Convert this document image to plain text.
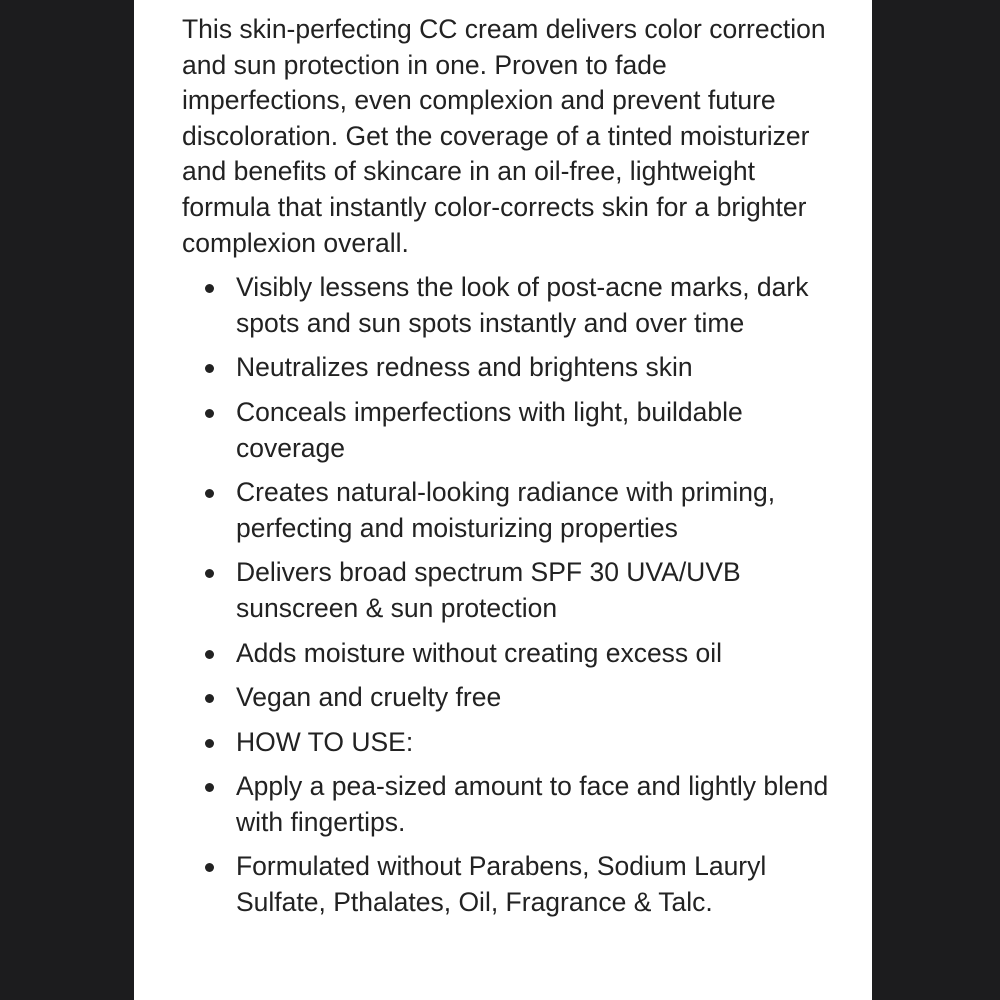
This skin-perfecting CC cream delivers color correction and sun protection in one. Proven to fade imperfections, even complexion and prevent future discoloration. Get the coverage of a tinted moisturizer and benefits of skincare in an oil-free, lightweight formula that instantly color-corrects skin for a brighter complexion overall.

Visibly lessens the look of post-acne marks, dark spots and sun spots instantly and over time
Neutralizes redness and brightens skin
Conceals imperfections with light, buildable coverage
Creates natural-looking radiance with priming, perfecting and moisturizing properties
Delivers broad spectrum SPF 30 UVA/UVB sunscreen & sun protection
Adds moisture without creating excess oil
Vegan and cruelty free
HOW TO USE:
Apply a pea-sized amount to face and lightly blend with fingertips.
Formulated without Parabens, Sodium Lauryl Sulfate, Pthalates, Oil, Fragrance & Talc.
